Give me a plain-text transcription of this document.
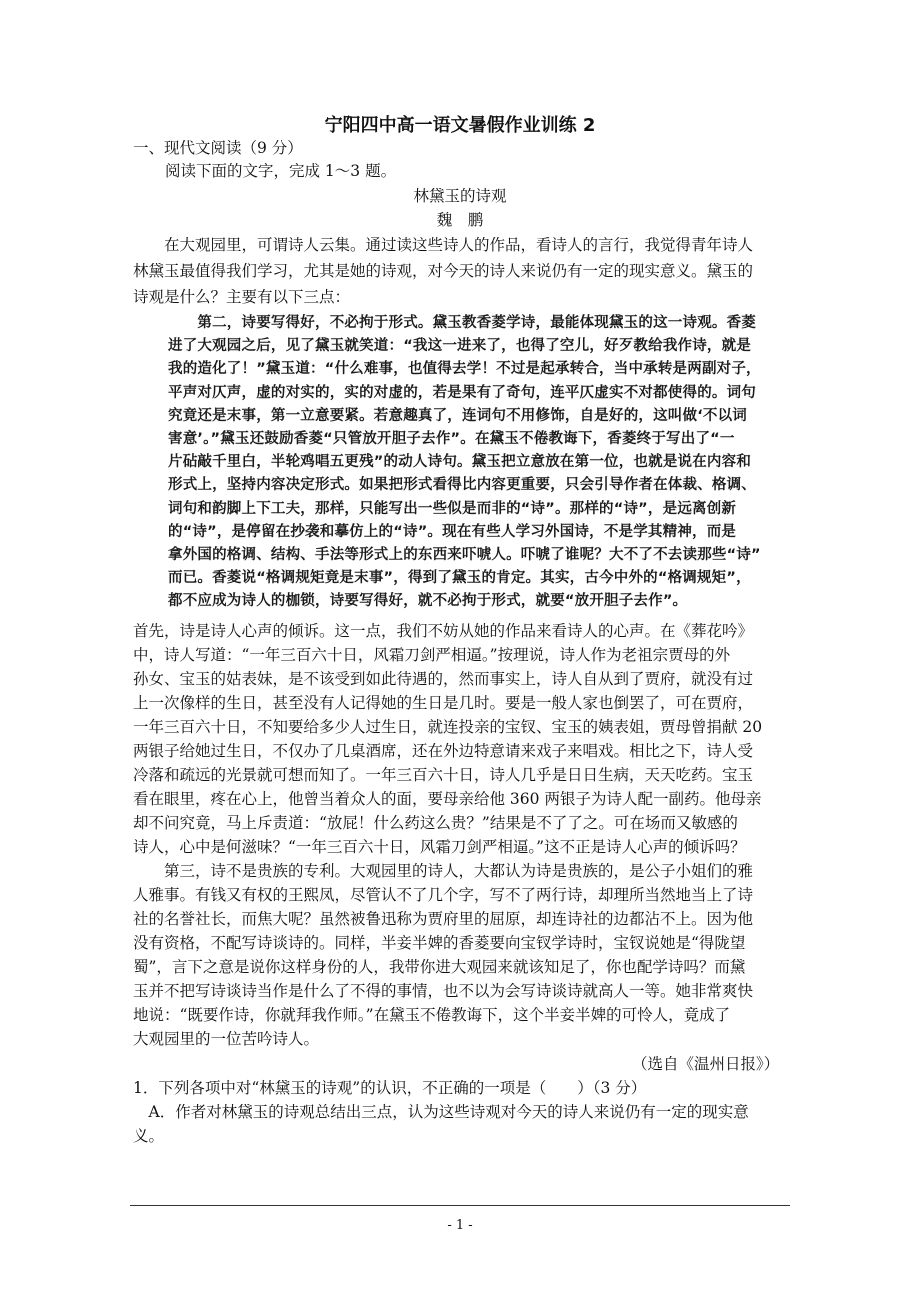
宁阳四中高一语文暑假作业训练 2
一、现代文阅读（9 分）
阅读下面的文字，完成 1～3 题。
林黛玉的诗观
魏　鹏
　　在大观园里，可谓诗人云集。通过读这些诗人的作品，看诗人的言行，我觉得青年诗人
林黛玉最值得我们学习，尤其是她的诗观，对今天的诗人来说仍有一定的现实意义。黛玉的
诗观是什么？主要有以下三点：
　　第二，诗要写得好，不必拘于形式。黛玉教香菱学诗，最能体现黛玉的这一诗观。香菱
进了大观园之后，见了黛玉就笑道：“我这一进来了，也得了空儿，好歹教给我作诗，就是
我的造化了！”黛玉道：“什么难事，也值得去学！不过是起承转合，当中承转是两副对子，
平声对仄声，虚的对实的，实的对虚的，若是果有了奇句，连平仄虚实不对都使得的。词句
究竟还是末事，第一立意要紧。若意趣真了，连词句不用修饰，自是好的，这叫做‘不以词
害意’。”黛玉还鼓励香菱“只管放开胆子去作”。在黛玉不倦教诲下，香菱终于写出了“一
片砧敲千里白，半轮鸡唱五更残”的动人诗句。黛玉把立意放在第一位，也就是说在内容和
形式上，坚持内容决定形式。如果把形式看得比内容更重要，只会引导作者在体裁、格调、
词句和韵脚上下工夫，那样，只能写出一些似是而非的“诗”。那样的“诗”，是远离创新
的“诗”，是停留在抄袭和摹仿上的“诗”。现在有些人学习外国诗，不是学其精神，而是
拿外国的格调、结构、手法等形式上的东西来吓唬人。吓唬了谁呢？大不了不去读那些“诗”
而已。香菱说“格调规矩竟是末事”，得到了黛玉的肯定。其实，古今中外的“格调规矩”，
都不应成为诗人的枷锁，诗要写得好，就不必拘于形式，就要“放开胆子去作”。
首先，诗是诗人心声的倾诉。这一点，我们不妨从她的作品来看诗人的心声。在《葬花吟》
中，诗人写道：“一年三百六十日，风霜刀剑严相逼。”按理说，诗人作为老祖宗贾母的外
孙女、宝玉的姑表妹，是不该受到如此待遇的，然而事实上，诗人自从到了贾府，就没有过
上一次像样的生日，甚至没有人记得她的生日是几时。要是一般人家也倒罢了，可在贾府，
一年三百六十日，不知要给多少人过生日，就连投亲的宝钗、宝玉的姨表姐，贾母曾捐献 20
两银子给她过生日，不仅办了几桌酒席，还在外边特意请来戏子来唱戏。相比之下，诗人受
冷落和疏远的光景就可想而知了。一年三百六十日，诗人几乎是日日生病，天天吃药。宝玉
看在眼里，疼在心上，他曾当着众人的面，要母亲给他 360 两银子为诗人配一副药。他母亲
却不问究竟，马上斥责道：“放屁！什么药这么贵？”结果是不了了之。可在场而又敏感的
诗人，心中是何滋味？“一年三百六十日，风霜刀剑严相逼。”这不正是诗人心声的倾诉吗？
　　第三，诗不是贵族的专利。大观园里的诗人，大都认为诗是贵族的，是公子小姐们的雅
人雅事。有钱又有权的王熙凤，尽管认不了几个字，写不了两行诗，却理所当然地当上了诗
社的名誉社长，而焦大呢？虽然被鲁迅称为贾府里的屈原，却连诗社的边都沾不上。因为他
没有资格，不配写诗谈诗的。同样，半妾半婢的香菱要向宝钗学诗时，宝钗说她是“得陇望
蜀”，言下之意是说你这样身份的人，我带你进大观园来就该知足了，你也配学诗吗？而黛
玉并不把写诗谈诗当作是什么了不得的事情，也不以为会写诗谈诗就高人一等。她非常爽快
地说：“既要作诗，你就拜我作师。”在黛玉不倦教诲下，这个半妾半婢的可怜人，竟成了
大观园里的一位苦吟诗人。
（选自《温州日报》）
1．下列各项中对“林黛玉的诗观”的认识，不正确的一项是（　　）（3 分）
　A．作者对林黛玉的诗观总结出三点，认为这些诗观对今天的诗人来说仍有一定的现实意
义。
- 1 -
